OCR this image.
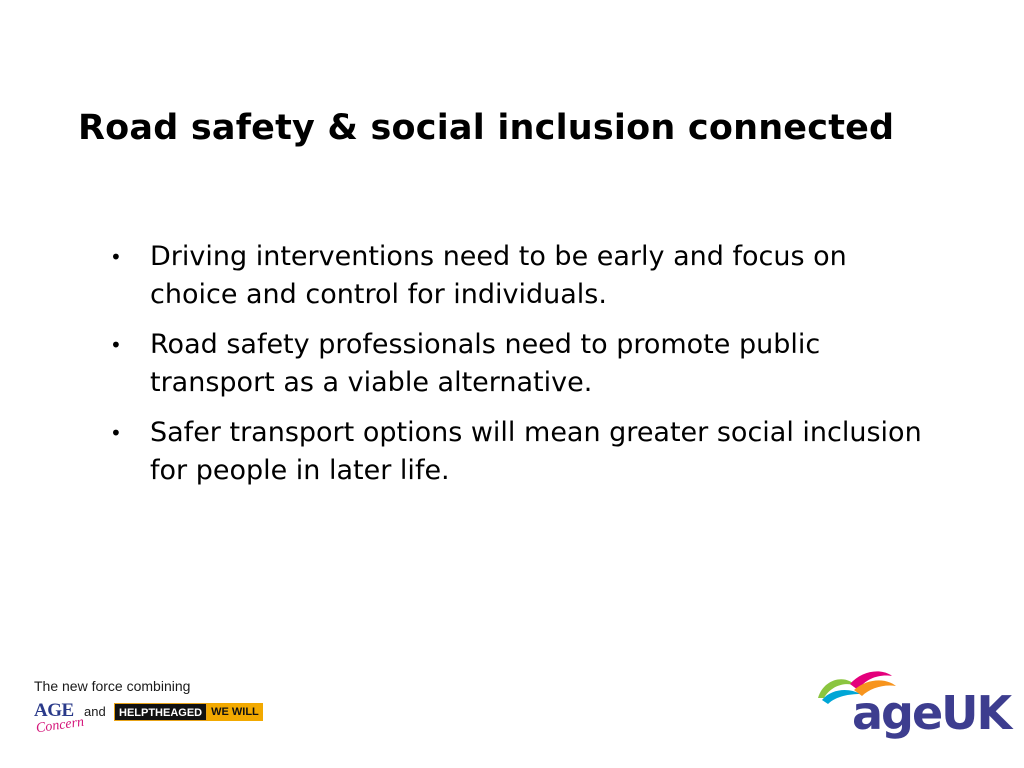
Road safety & social inclusion connected
• Driving interventions need to be early and focus on choice and control for individuals.
• Road safety professionals need to promote public transport as a viable alternative.
• Safer transport options will mean greater social inclusion for people in later life.
The new force combining
AGE
Concern
and	HELPTHEAGED WE WILL	ageUK
